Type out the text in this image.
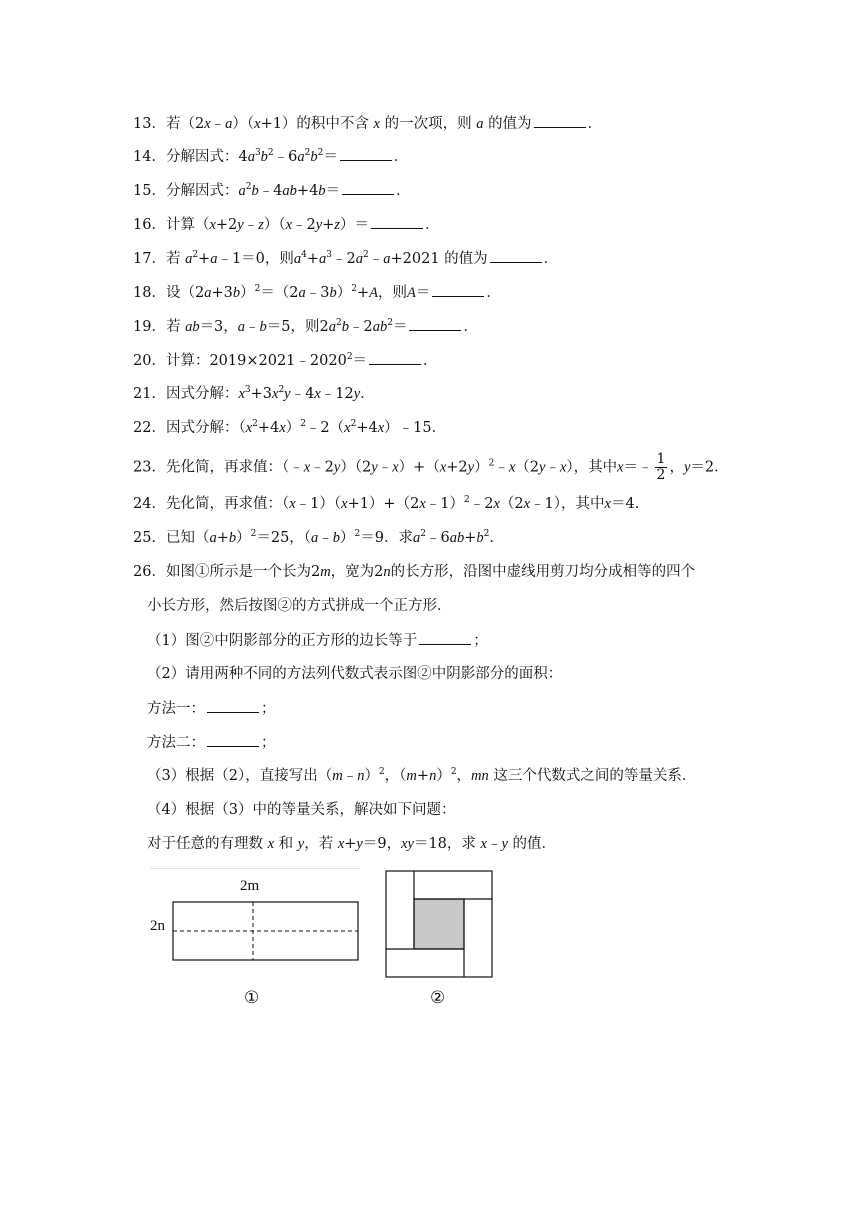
13．若（2x﹣a）（x+1）的积中不含 x 的一次项，则 a 的值为	．
14．分解因式：$4a^3b^2﹣6a^2b^2=$	．
15．分解因式：$a^2b﹣4ab+4b=$	．
16．计算（x+2y﹣z）（x﹣2y+z）＝	．
17．若 $a^2+a﹣1=0$，则$a^4+a^3﹣2a^2﹣a+2021$ 的值为	．
18．设$(2a+3b)^2=(2a﹣3b)^2+A$，则A＝	．
19．若 ab＝3，a﹣b＝5，则$2a^2b﹣2ab^2=$	．
20．计算：$2019\times 2021﹣2020^2=$	．
21．因式分解：$x^3+3x^2y﹣4x﹣12y$．
22．因式分解：$(x^2+4x)^2﹣2(x^2+4x)﹣15$．
23．先化简，再求值：$(﹣x﹣2y)(2y﹣x)+(x+2y)^2﹣x(2y﹣x)$，其中x＝﹣ $\frac{1}{2}$ ，y＝2．
24．先化简，再求值：（x﹣1）（x+1）+（2x﹣1）$^2$﹣2x（2x﹣1），其中x＝4．
25．已知$(a+b)^2=25$，（a﹣b）$^2$＝9．求$a^2﹣6ab+b^2$．
26．如图①所示是一个长为2m，宽为2n的长方形，沿图中虚线用剪刀均分成相等的四个
小长方形，然后按图②的方式拼成一个正方形．
（1）图②中阴影部分的正方形的边长等于	；
（2）请用两种不同的方法列代数式表示图②中阴影部分的面积：
方法一：	；
方法二：	；
（3）根据（2），直接写出（m﹣n）$^2$，$(m+n)^2$，mn 这三个代数式之间的等量关系．
（4）根据（3）中的等量关系，解决如下问题：
对于任意的有理数 x 和 y，若 x+y＝9，xy＝18，求 x﹣y 的值．
2m
2n
①	②
